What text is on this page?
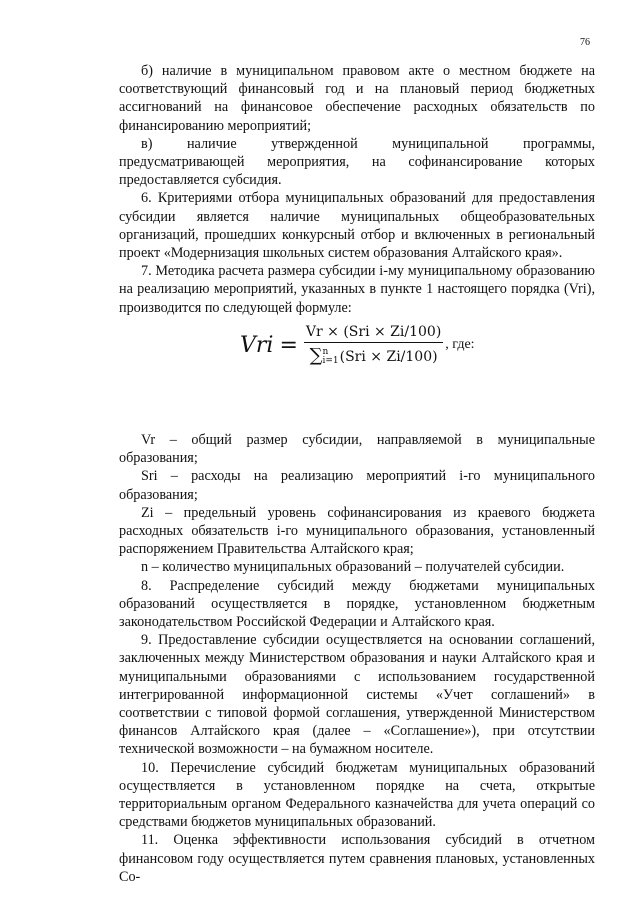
76

б) наличие в муниципальном правовом акте о местном бюджете на соответствующий финансовый год и на плановый период бюджетных ассигнований на финансовое обеспечение расходных обязательств по финансированию мероприятий;

в) наличие утвержденной муниципальной программы, предусматривающей мероприятия, на софинансирование которых предоставляется субсидия.

6. Критериями отбора муниципальных образований для предоставления субсидии является наличие муниципальных общеобразовательных организаций, прошедших конкурсный отбор и включенных в региональный проект «Модернизация школьных систем образования Алтайского края».

7. Методика расчета размера субсидии i-му муниципальному образованию на реализацию мероприятий, указанных в пункте 1 настоящего порядка (Vri), производится по следующей формуле:

Vri = Vr × (Sri × Zi/100)
∑ n
i=1 (Sri × Zi/100) , где:

Vr – общий размер субсидии, направляемой в муниципальные образования;

Sri – расходы на реализацию мероприятий i-го муниципального образования;

Zi – предельный уровень софинансирования из краевого бюджета расходных обязательств i-го муниципального образования, установленный распоряжением Правительства Алтайского края;

n – количество муниципальных образований – получателей субсидии.

8. Распределение субсидий между бюджетами муниципальных образований осуществляется в порядке, установленном бюджетным законодательством Российской Федерации и Алтайского края.

9. Предоставление субсидии осуществляется на основании соглашений, заключенных между Министерством образования и науки Алтайского края и муниципальными образованиями с использованием государственной интегрированной информационной системы «Учет соглашений» в соответствии с типовой формой соглашения, утвержденной Министерством финансов Алтайского края (далее – «Соглашение»), при отсутствии технической возможности – на бумажном носителе.

10. Перечисление субсидий бюджетам муниципальных образований осуществляется в установленном порядке на счета, открытые территориальным органом Федерального казначейства для учета операций со средствами бюджетов муниципальных образований.

11. Оценка эффективности использования субсидий в отчетном финансовом году осуществляется путем сравнения плановых, установленных Со-
